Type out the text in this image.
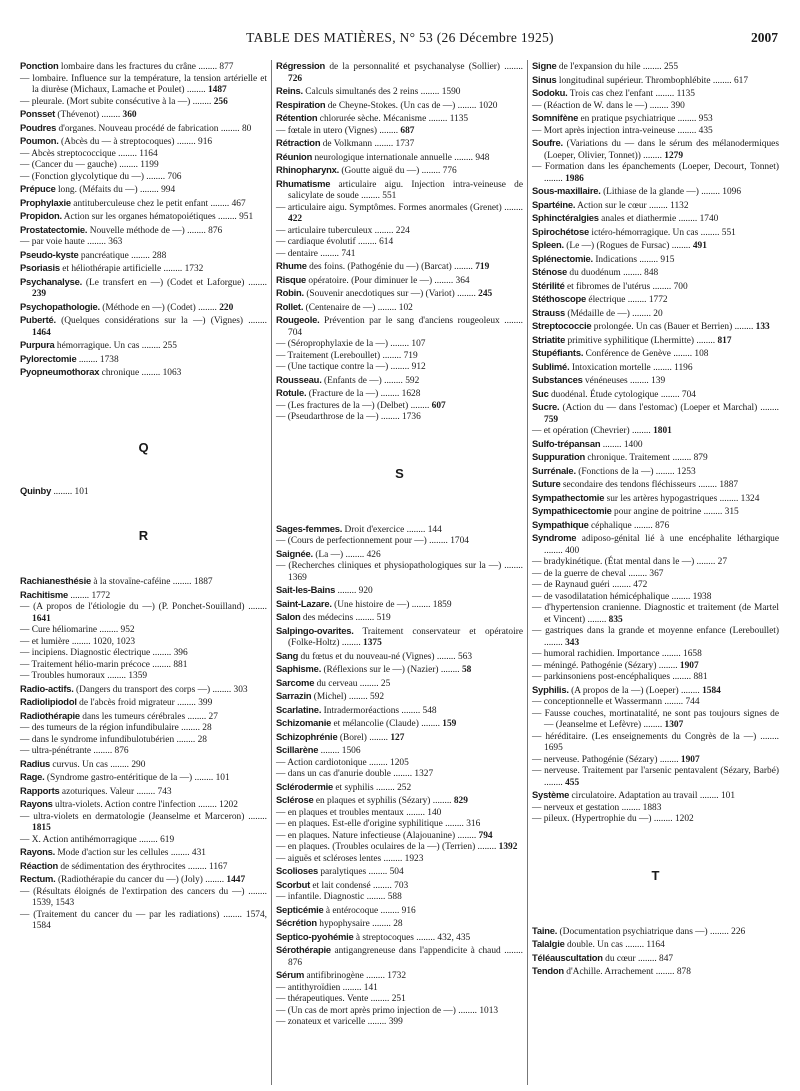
TABLE DES MATIÈRES, N° 53 (26 Décembre 1925)	2007
Ponction lombaire dans les fractures du crâne ........ 877
— lombaire. Influence sur la température, la tension artérielle et la diurèse (Michaux, Lamache et Poulet) ........ 1487
— pleurale. (Mort subite consécutive à la —) ........ 256
Ponsset (Thévenot) ........ 360
Poudres d'organes. Nouveau procédé de fabrication ........ 80
Poumon. (Abcès du — à streptocoques) ........ 916
— Abcès streptococcique ........ 1164
— (Cancer du — gauche) ........ 1199
— (Fonction glycolytique du —) ........ 706
Prépuce long. (Méfaits du —) ........ 994
Prophylaxie antituberculeuse chez le petit enfant ........ 467
Propidon. Action sur les organes hématopoiétiques ........ 951
Prostatectomie. Nouvelle méthode de —) ........ 876
— par voie haute ........ 363
Pseudo-kyste pancréatique ........ 288
Psoriasis et héliothérapie artificielle ........ 1732
Psychanalyse. (Le transfert en —) (Codet et Laforgue) ........ 239
Psychopathologie. (Méthode en —) (Codet) ........ 220
Puberté. (Quelques considérations sur la —) (Vignes) ........ 1464
Purpura hémorragique. Un cas ........ 255
Pylorectomie ........ 1738
Pyopneumothorax chronique ........ 1063
Q
Quinby ........ 101
R
Rachianesthésie à la stovaïne-caféine ........ 1887
Rachitisme ........ 1772
— (A propos de l'étiologie du —) (P. Ponchet-Souilland) ........ 1641
— Cure héliomarine ........ 952
— et lumière ........ 1020, 1023
— incipiens. Diagnostic électrique ........ 396
— Traitement hélio-marin précoce ........ 881
— Troubles humoraux ........ 1359
Radio-actifs. (Dangers du transport des corps —) ........ 303
Radiolipiodol de l'abcès froid migrateur ........ 399
Radiothérapie dans les tumeurs cérébrales ........ 27
— des tumeurs de la région infundibulaire ........ 28
— dans le syndrome infundibulotubérien ........ 28
— ultra-pénétrante ........ 876
Radius curvus. Un cas ........ 290
Rage. (Syndrome gastro-entéritique de la —) ........ 101
Rapports azoturiques. Valeur ........ 743
Rayons ultra-violets. Action contre l'infection ........ 1202
— ultra-violets en dermatologie (Jeanselme et Marceron) ........ 1815
— X. Action antihémorragique ........ 619
Rayons. Mode d'action sur les cellules ........ 431
Réaction de sédimentation des érythrocites ........ 1167
Rectum. (Radiothérapie du cancer du —) (Joly) ........ 1447
— (Résultats éloignés de l'extirpation des cancers du —) ........ 1539, 1543
— (Traitement du cancer du — par les radiations) ........ 1574, 1584
Régression de la personnalité et psychanalyse (Sollier) ........ 726
Reins. Calculs simultanés des 2 reins ........ 1590
Respiration de Cheyne-Stokes. (Un cas de —) ........ 1020
Rétention chlorurée sèche. Mécanisme ........ 1135
— fœtale in utero (Vignes) ........ 687
Rétraction de Volkmann ........ 1737
Réunion neurologique internationale annuelle ........ 948
Rhinopharynx. (Goutte aiguë du —) ........ 776
Rhumatisme articulaire aigu. Injection intra-veineuse de salicylate de soude ........ 551
— articulaire aigu. Symptômes. Formes anormales (Grenet) ........ 422
— articulaire tuberculeux ........ 224
— cardiaque évolutif ........ 614
— dentaire ........ 741
Rhume des foins. (Pathogénie du —) (Barcat) ........ 719
Risque opératoire. (Pour diminuer le —) ........ 364
Robin. (Souvenir anecdotiques sur —) (Variot) ........ 245
Rollet. (Centenaire de —) ........ 102
Rougeole. Prévention par le sang d'anciens rougeoleux ........ 704
— (Séroprophylaxie de la —) ........ 107
— Traitement (Lereboullet) ........ 719
— (Une tactique contre la —) ........ 912
Rousseau. (Enfants de —) ........ 592
Rotule. (Fracture de la —) ........ 1628
— (Les fractures de la —) (Delbet) ........ 607
— (Pseudarthrose de la —) ........ 1736
S
Sages-femmes. Droit d'exercice ........ 144
— (Cours de perfectionnement pour —) ........ 1704
Saignée. (La —) ........ 426
— (Recherches cliniques et physiopathologiques sur la —) ........ 1369
Sait-les-Bains ........ 920
Saint-Lazare. (Une histoire de —) ........ 1859
Salon des médecins ........ 519
Salpingo-ovarites. Traitement conservateur et opératoire (Folke-Holtz) ........ 1375
Sang du fœtus et du nouveau-né (Vignes) ........ 563
Saphisme. (Réflexions sur le —) (Nazier) ........ 58
Sarcome du cerveau ........ 25
Sarrazin (Michel) ........ 592
Scarlatine. Intradermoréactions ........ 548
Schizomanie et mélancolie (Claude) ........ 159
Schizophrénie (Borel) ........ 127
Scillarène ........ 1506
— Action cardiotonique ........ 1205
— dans un cas d'anurie double ........ 1327
Sclérodermie et syphilis ........ 252
Sclérose en plaques et syphilis (Sézary) ........ 829
— en plaques et troubles mentaux ........ 140
— en plaques. Est-elle d'origine syphilitique ........ 316
— en plaques. Nature infectieuse (Alajouanine) ........ 794
— en plaques. (Troubles oculaires de la —) (Terrien) ........ 1392
— aiguës et scléroses lentes ........ 1923
Scolioses paralytiques ........ 504
Scorbut et lait condensé ........ 703
— infantile. Diagnostic ........ 588
Septicémie à entérocoque ........ 916
Sécrétion hypophysaire ........ 28
Septico-pyohémie à streptocoques ........ 432, 435
Sérothérapie antigangreneuse dans l'appendicite à chaud ........ 876
Sérum antifibrinogène ........ 1732
— antithyroïdien ........ 141
— thérapeutiques. Vente ........ 251
— (Un cas de mort après primo injection de —) ........ 1013
— zonateux et varicelle ........ 399
Signe de l'expansion du hile ........ 255
Sinus longitudinal supérieur. Thrombophlébite ........ 617
Sodoku. Trois cas chez l'enfant ........ 1135
— (Réaction de W. dans le —) ........ 390
Somnifène en pratique psychiatrique ........ 953
— Mort après injection intra-veineuse ........ 435
Soufre. (Variations du — dans le sérum des mélanodermiques (Loeper, Olivier, Tonnet)) ........ 1279
— Formation dans les épanchements (Loeper, Decourt, Tonnet) ........ 1986
Sous-maxillaire. (Lithiase de la glande —) ........ 1096
Spartéine. Action sur le cœur ........ 1132
Sphinctéralgies anales et diathermie ........ 1740
Spirochétose ictéro-hémorragique. Un cas ........ 551
Spleen. (Le —) (Rogues de Fursac) ........ 491
Splénectomie. Indications ........ 915
Sténose du duodénum ........ 848
Stérilité et fibromes de l'utérus ........ 700
Stéthoscope électrique ........ 1772
Strauss (Médaille de —) ........ 20
Streptococcie prolongée. Un cas (Bauer et Berrien) ........ 133
Striatite primitive syphilitique (Lhermitte) ........ 817
Stupéfiants. Conférence de Genève ........ 108
Sublimé. Intoxication mortelle ........ 1196
Substances vénéneuses ........ 139
Suc duodénal. Étude cytologique ........ 704
Sucre. (Action du — dans l'estomac) (Loeper et Marchal) ........ 759
— et opération (Chevrier) ........ 1801
Sulfo-trépansan ........ 1400
Suppuration chronique. Traitement ........ 879
Surrénale. (Fonctions de la —) ........ 1253
Suture secondaire des tendons fléchisseurs ........ 1887
Sympathectomie sur les artères hypogastriques ........ 1324
Sympathicectomie pour angine de poitrine ........ 315
Sympathique céphalique ........ 876
Syndrome adiposo-génital lié à une encéphalite léthargique ........ 400
— bradykinétique. (État mental dans le —) ........ 27
— de la guerre de cheval ........ 367
— de Raynaud guéri ........ 472
— de vasodilatation hémicéphalique ........ 1938
— d'hypertension cranienne. Diagnostic et traitement (de Martel et Vincent) ........ 835
— gastriques dans la grande et moyenne enfance (Lereboullet) ........ 343
— humoral rachidien. Importance ........ 1658
— méningé. Pathogénie (Sézary) ........ 1907
— parkinsoniens post-encéphaliques ........ 881
Syphilis. (A propos de la —) (Loeper) ........ 1584
— conceptionnelle et Wassermann ........ 744
— Fausse couches, mortinatalité, ne sont pas toujours signes de — (Jeanselme et Lefèvre) ........ 1307
— héréditaire. (Les enseignements du Congrès de la —) ........ 1695
— nerveuse. Pathogénie (Sézary) ........ 1907
— nerveuse. Traitement par l'arsenic pentavalent (Sézary, Barbé) ........ 455
Système circulatoire. Adaptation au travail ........ 101
— nerveux et gestation ........ 1883
— pileux. (Hypertrophie du —) ........ 1202
T
Taine. (Documentation psychiatrique dans —) ........ 226
Talalgie double. Un cas ........ 1164
Téléauscultation du cœur ........ 847
Tendon d'Achille. Arrachement ........ 878
